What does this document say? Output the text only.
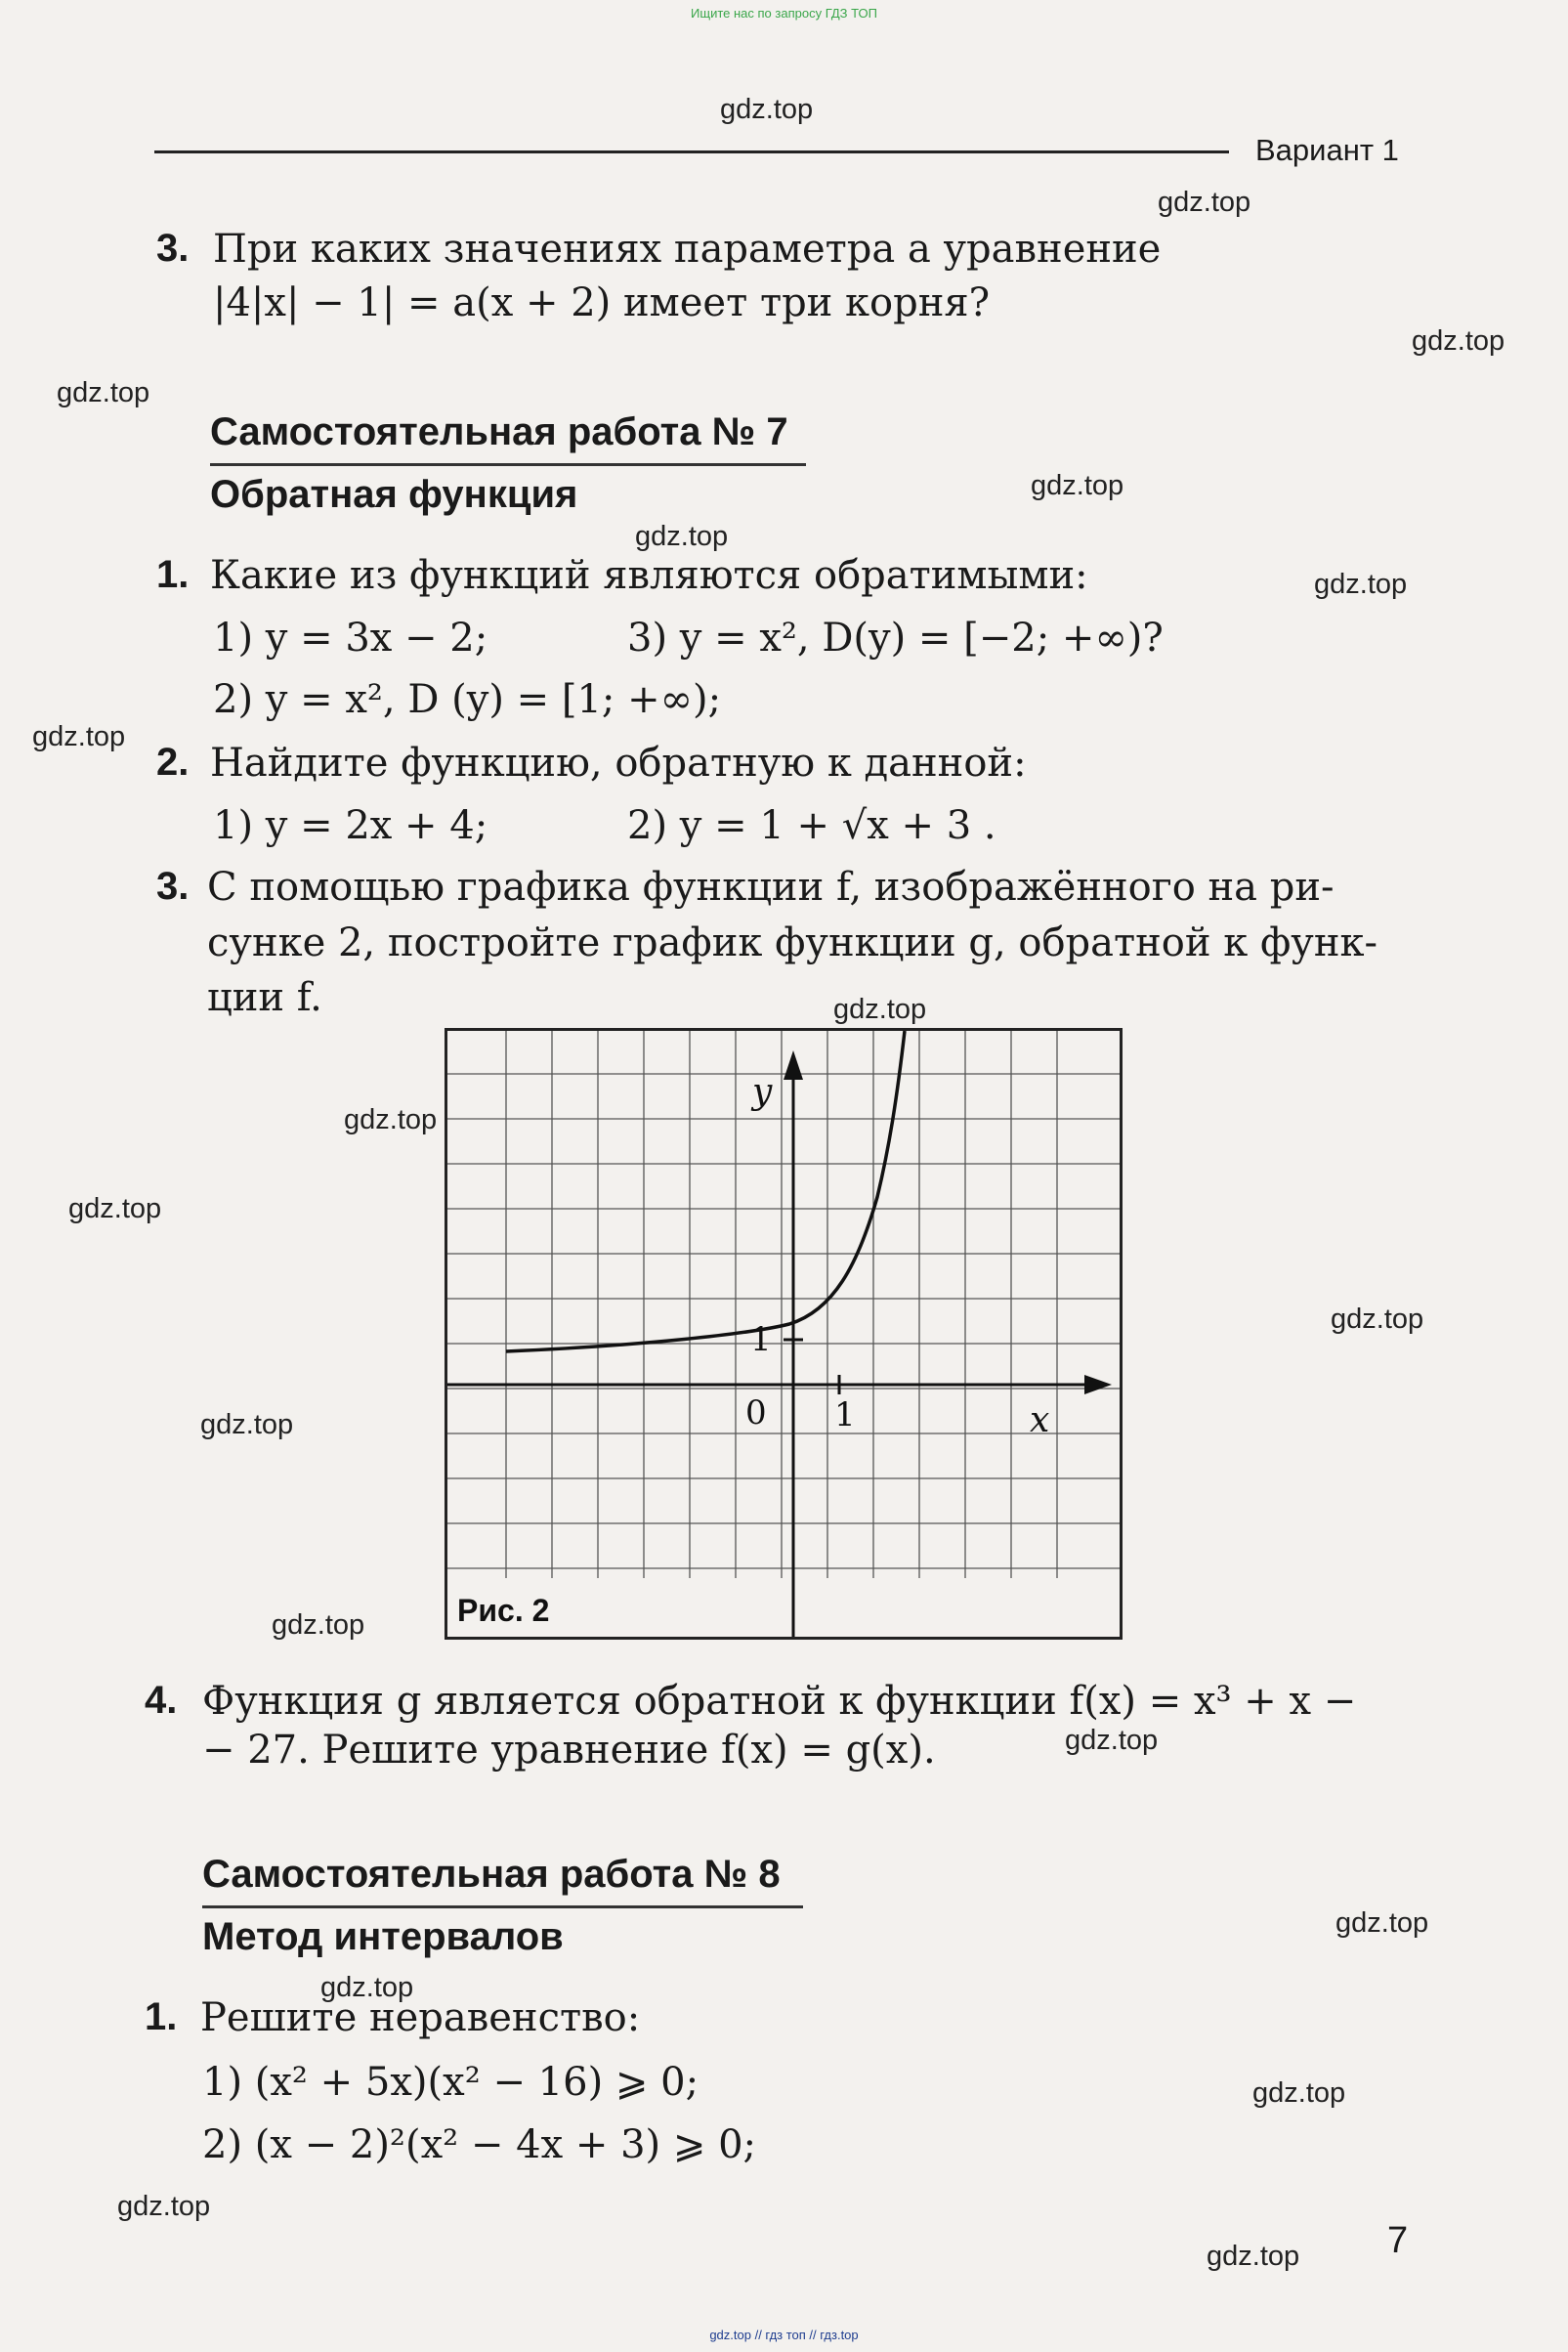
Ищите нас по запросу ГДЗ ТОП
gdz.top // гдз топ // гдз.top
Вариант 1
3. При каких значениях параметра a уравнение
|4|x| − 1| = a(x + 2) имеет три корня?
Самостоятельная работа № 7
Обратная функция
1. Какие из функций являются обратимыми:
1) y = 3x − 2;	3) y = x², D(y) = [−2; +∞)?
2) y = x², D (y) = [1; +∞);
2. Найдите функцию, обратную к данной:
1) y = 2x + 4;	2) y = 1 + √x + 3 .
3. С помощью графика функции f, изображённого на ри-
сунке 2, постройте график функции g, обратной к функ-
ции f.
y
x
0 1
1
Рис. 2
4. Функция g является обратной к функции f(x) = x³ + x −
− 27. Решите уравнение f(x) = g(x).
Самостоятельная работа № 8
Метод интервалов
1. Решите неравенство:
1) (x² + 5x)(x² − 16) ⩾ 0;
2) (x − 2)²(x² − 4x + 3) ⩾ 0;
7
gdz.top
gdz.top
gdz.top
gdz.top
gdz.top
gdz.top
gdz.top
gdz.top
gdz.top
gdz.top
gdz.top
gdz.top
gdz.top
gdz.top
gdz.top
gdz.top
gdz.top
gdz.top
gdz.top
gdz.top
